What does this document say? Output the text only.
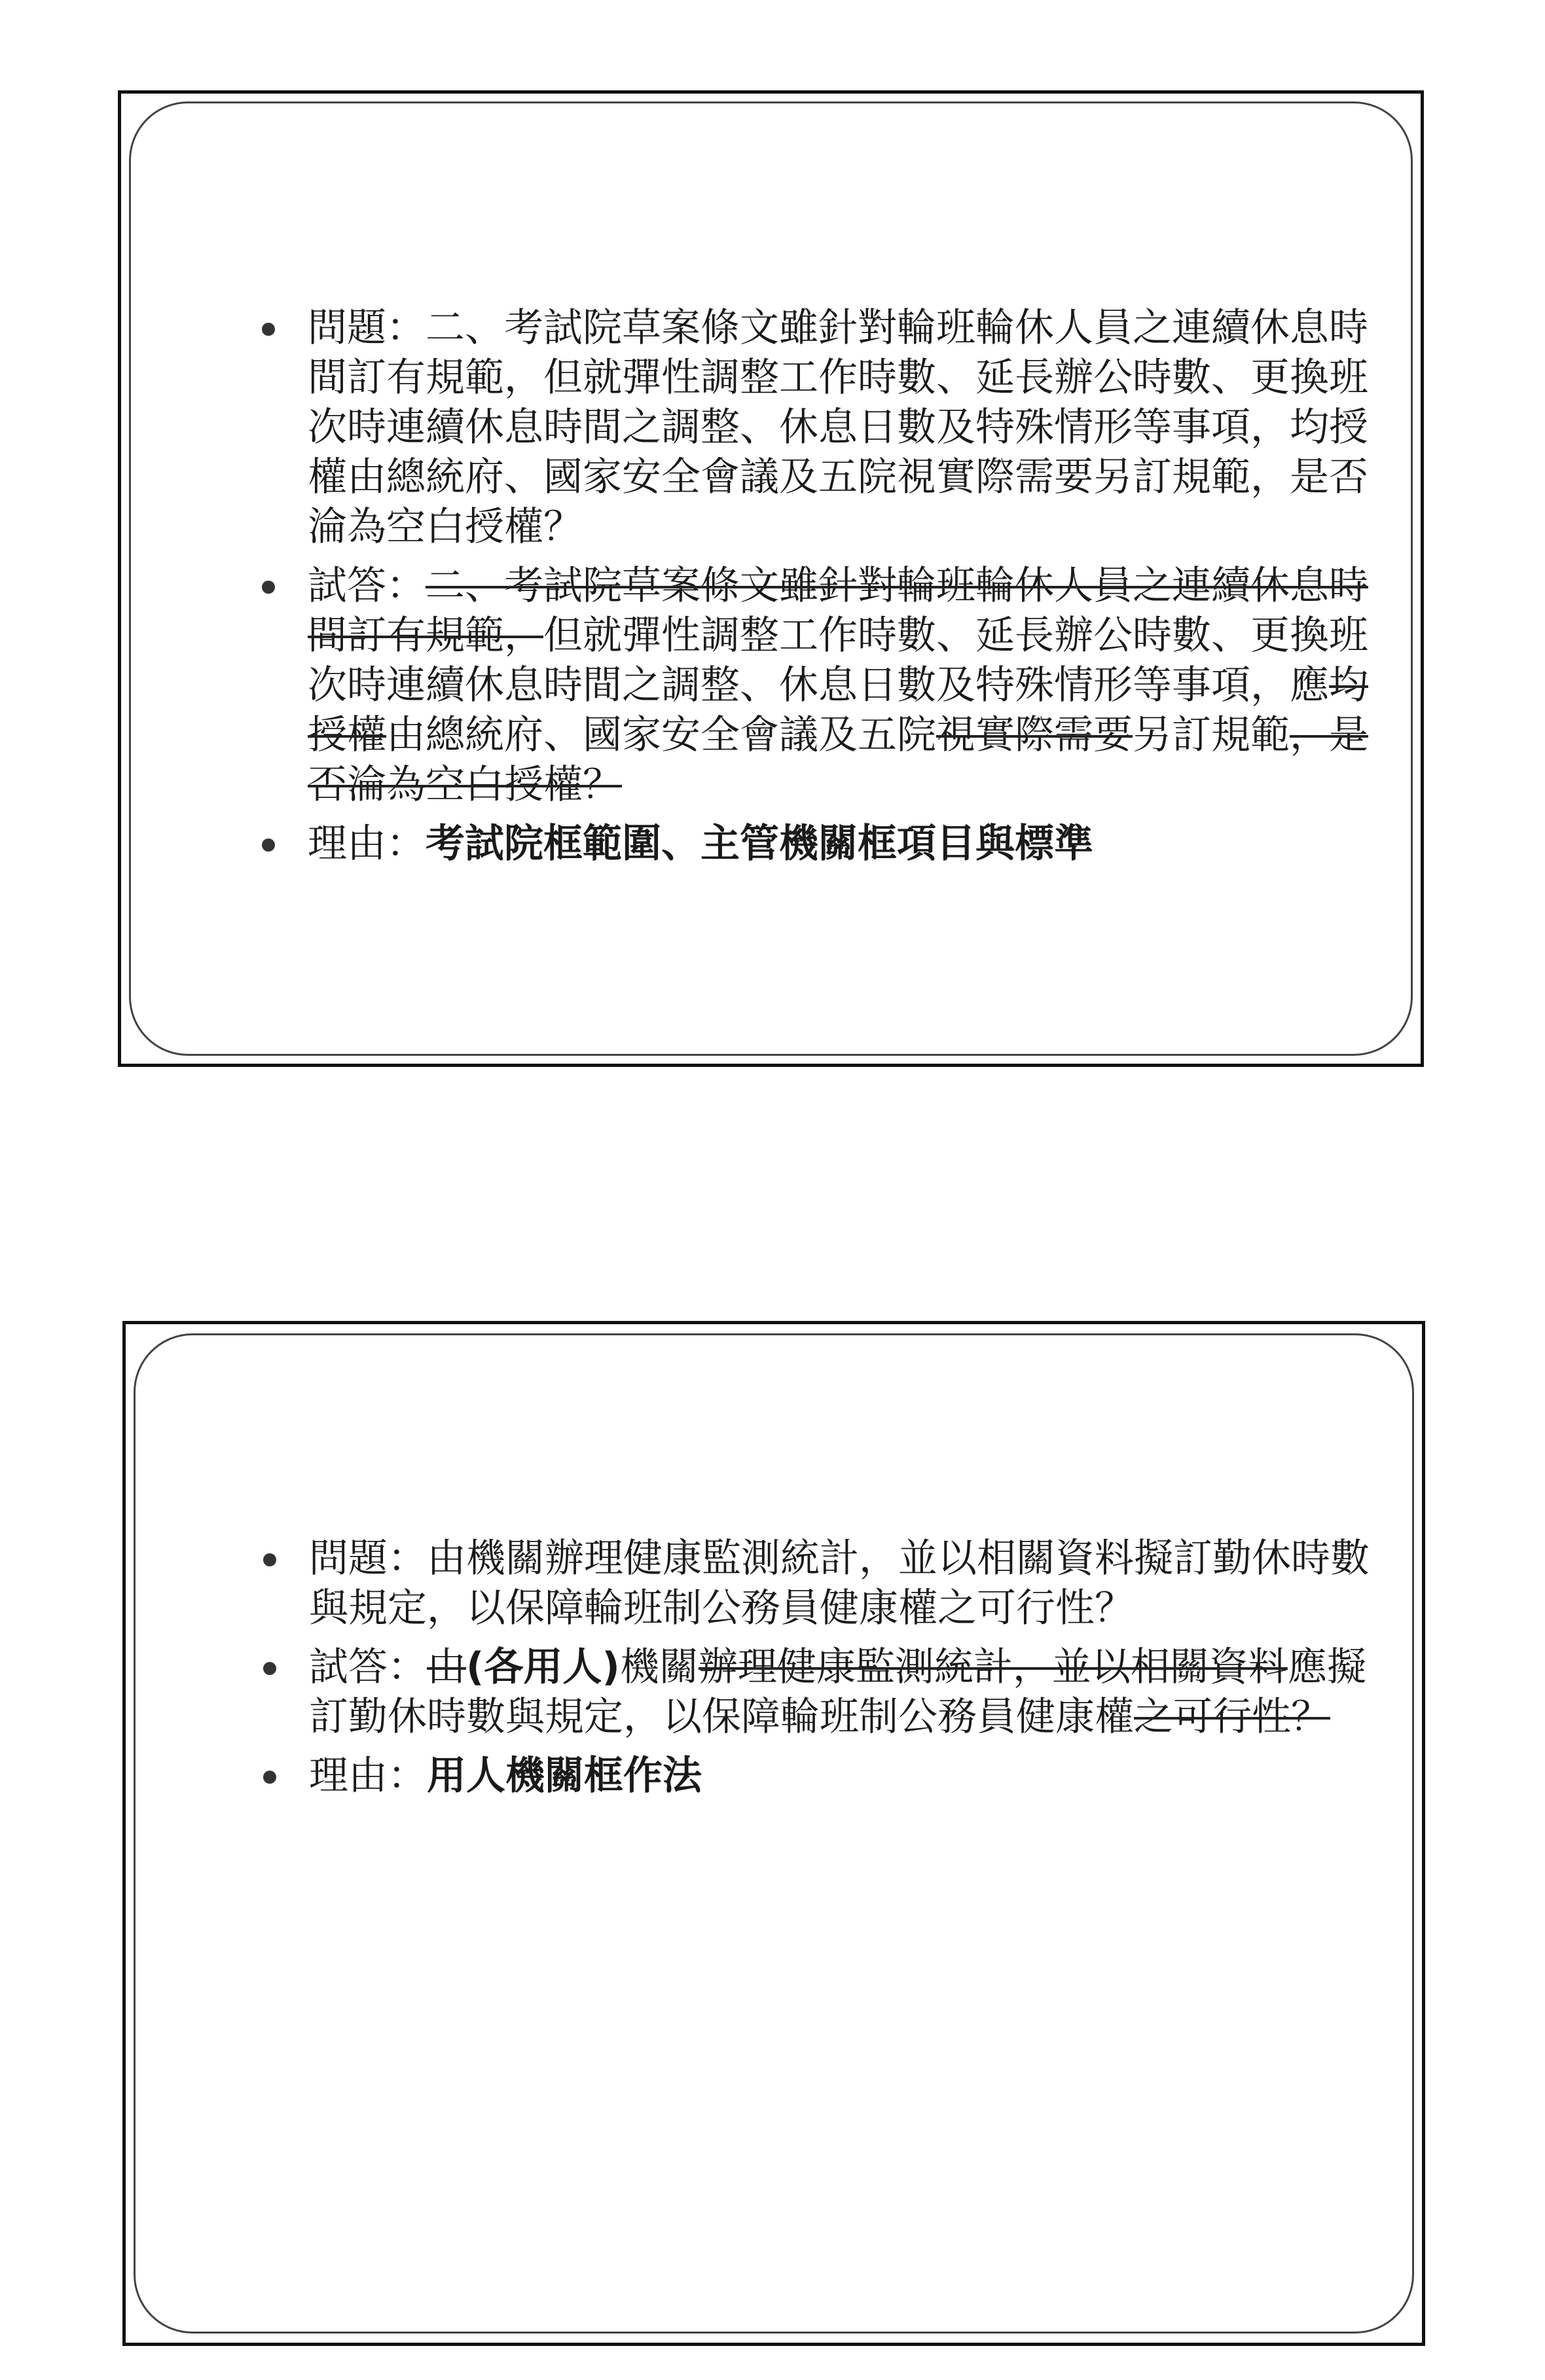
問題：二、考試院草案條文雖針對輪班輪休人員之連續休息時間訂有規範，但就彈性調整工作時數、延長辦公時數、更換班次時連續休息時間之調整、休息日數及特殊情形等事項，均授權由總統府、國家安全會議及五院視實際需要另訂規範，是否淪為空白授權？
試答：二、考試院草案條文雖針對輪班輪休人員之連續休息時間訂有規範，但就彈性調整工作時數、延長辦公時數、更換班次時連續休息時間之調整、休息日數及特殊情形等事項，應均授權由總統府、國家安全會議及五院視實際需要另訂規範，是否淪為空白授權？
理由：考試院框範圍、主管機關框項目與標準
問題：由機關辦理健康監測統計，並以相關資料擬訂勤休時數與規定，以保障輪班制公務員健康權之可行性？
試答：由(各用人)機關辦理健康監測統計，並以相關資料應擬訂勤休時數與規定，以保障輪班制公務員健康權之可行性？
理由：用人機關框作法
